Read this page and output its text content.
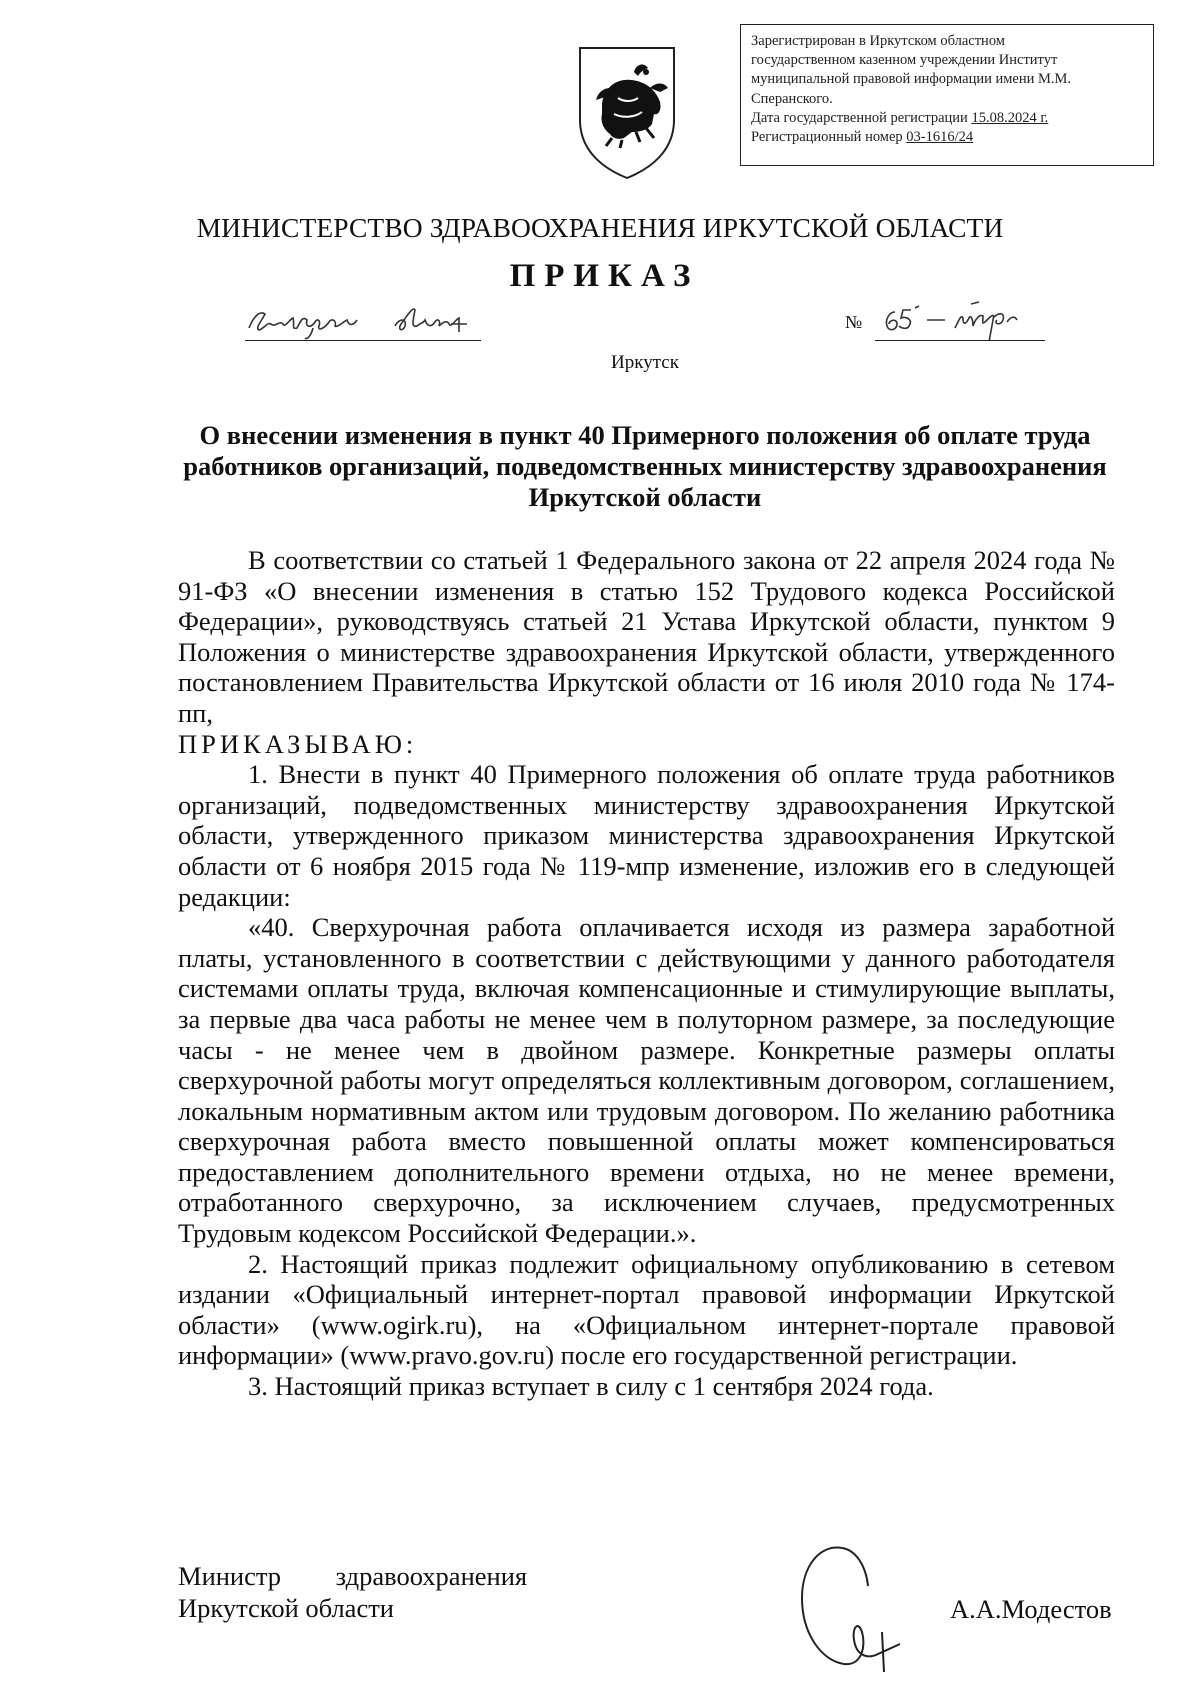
Зарегистрирован в Иркутском областном
государственном казенном учреждении Институт
муниципальной правовой информации имени М.М.
Сперанского.
Дата государственной регистрации 15.08.2024 г.
Регистрационный номер 03-1616/24
МИНИСТЕРСТВО ЗДРАВООХРАНЕНИЯ ИРКУТСКОЙ ОБЛАСТИ
ПРИКАЗ
№
Иркутск
О внесении изменения в пункт 40 Примерного положения об оплате труда работников организаций, подведомственных министерству здравоохранения Иркутской области

В соответствии со статьей 1 Федерального закона от 22 апреля 2024 года № 91-ФЗ «О внесении изменения в статью 152 Трудового кодекса Российской Федерации», руководствуясь статьей 21 Устава Иркутской области, пунктом 9 Положения о министерстве здравоохранения Иркутской области, утвержденного постановлением Правительства Иркутской области от 16 июля 2010 года № 174-пп,

ПРИКАЗЫВАЮ:

1. Внести в пункт 40 Примерного положения об оплате труда работников организаций, подведомственных министерству здравоохранения Иркутской области, утвержденного приказом министерства здравоохранения Иркутской области от 6 ноября 2015 года № 119-мпр изменение, изложив его в следующей редакции:

«40. Сверхурочная работа оплачивается исходя из размера заработной платы, установленного в соответствии с действующими у данного работодателя системами оплаты труда, включая компенсационные и стимулирующие выплаты, за первые два часа работы не менее чем в полуторном размере, за последующие часы - не менее чем в двойном размере. Конкретные размеры оплаты сверхурочной работы могут определяться коллективным договором, соглашением, локальным нормативным актом или трудовым договором. По желанию работника сверхурочная работа вместо повышенной оплаты может компенсироваться предоставлением дополнительного времени отдыха, но не менее времени, отработанного сверхурочно, за исключением случаев, предусмотренных Трудовым кодексом Российской Федерации.».

2. Настоящий приказ подлежит официальному опубликованию в сетевом издании «Официальный интернет-портал правовой информации Иркутской области» (www.ogirk.ru), на «Официальном интернет-портале правовой информации» (www.pravo.gov.ru) после его государственной регистрации.

3. Настоящий приказ вступает в силу с 1 сентября 2024 года.

Министр здравоохранения
Иркутской области	А.А.Модестов
